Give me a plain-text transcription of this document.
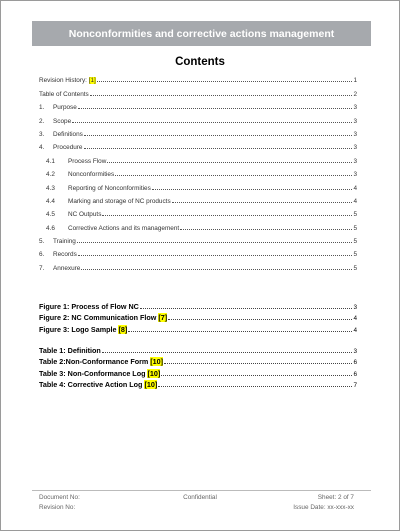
Nonconformities and corrective actions management
Contents
Revision History: [1]	1
Table of Contents	2
1. Purpose	3
2. Scope	3
3. Definitions	3
4. Procedure	3
4.1 Process Flow	3
4.2 Nonconformities	3
4.3 Reporting of Nonconformities	4
4.4 Marking and storage of NC products	4
4.5 NC Outputs	5
4.6 Corrective Actions and its management	5
5. Training	5
6. Records	5
7. Annexure	5
Figure 1: Process of Flow NC	3
Figure 2: NC Communication Flow [7]	4
Figure 3: Logo Sample [8]	4
Table 1: Definition	3
Table 2:Non-Conformance Form [10]	6
Table 3: Non-Conformance Log [10]	6
Table 4: Corrective Action Log [10]	7
Document No:
Revision No:
Confidential	Sheet: 2 of 7
Issue Date: xx-xxx-xx
